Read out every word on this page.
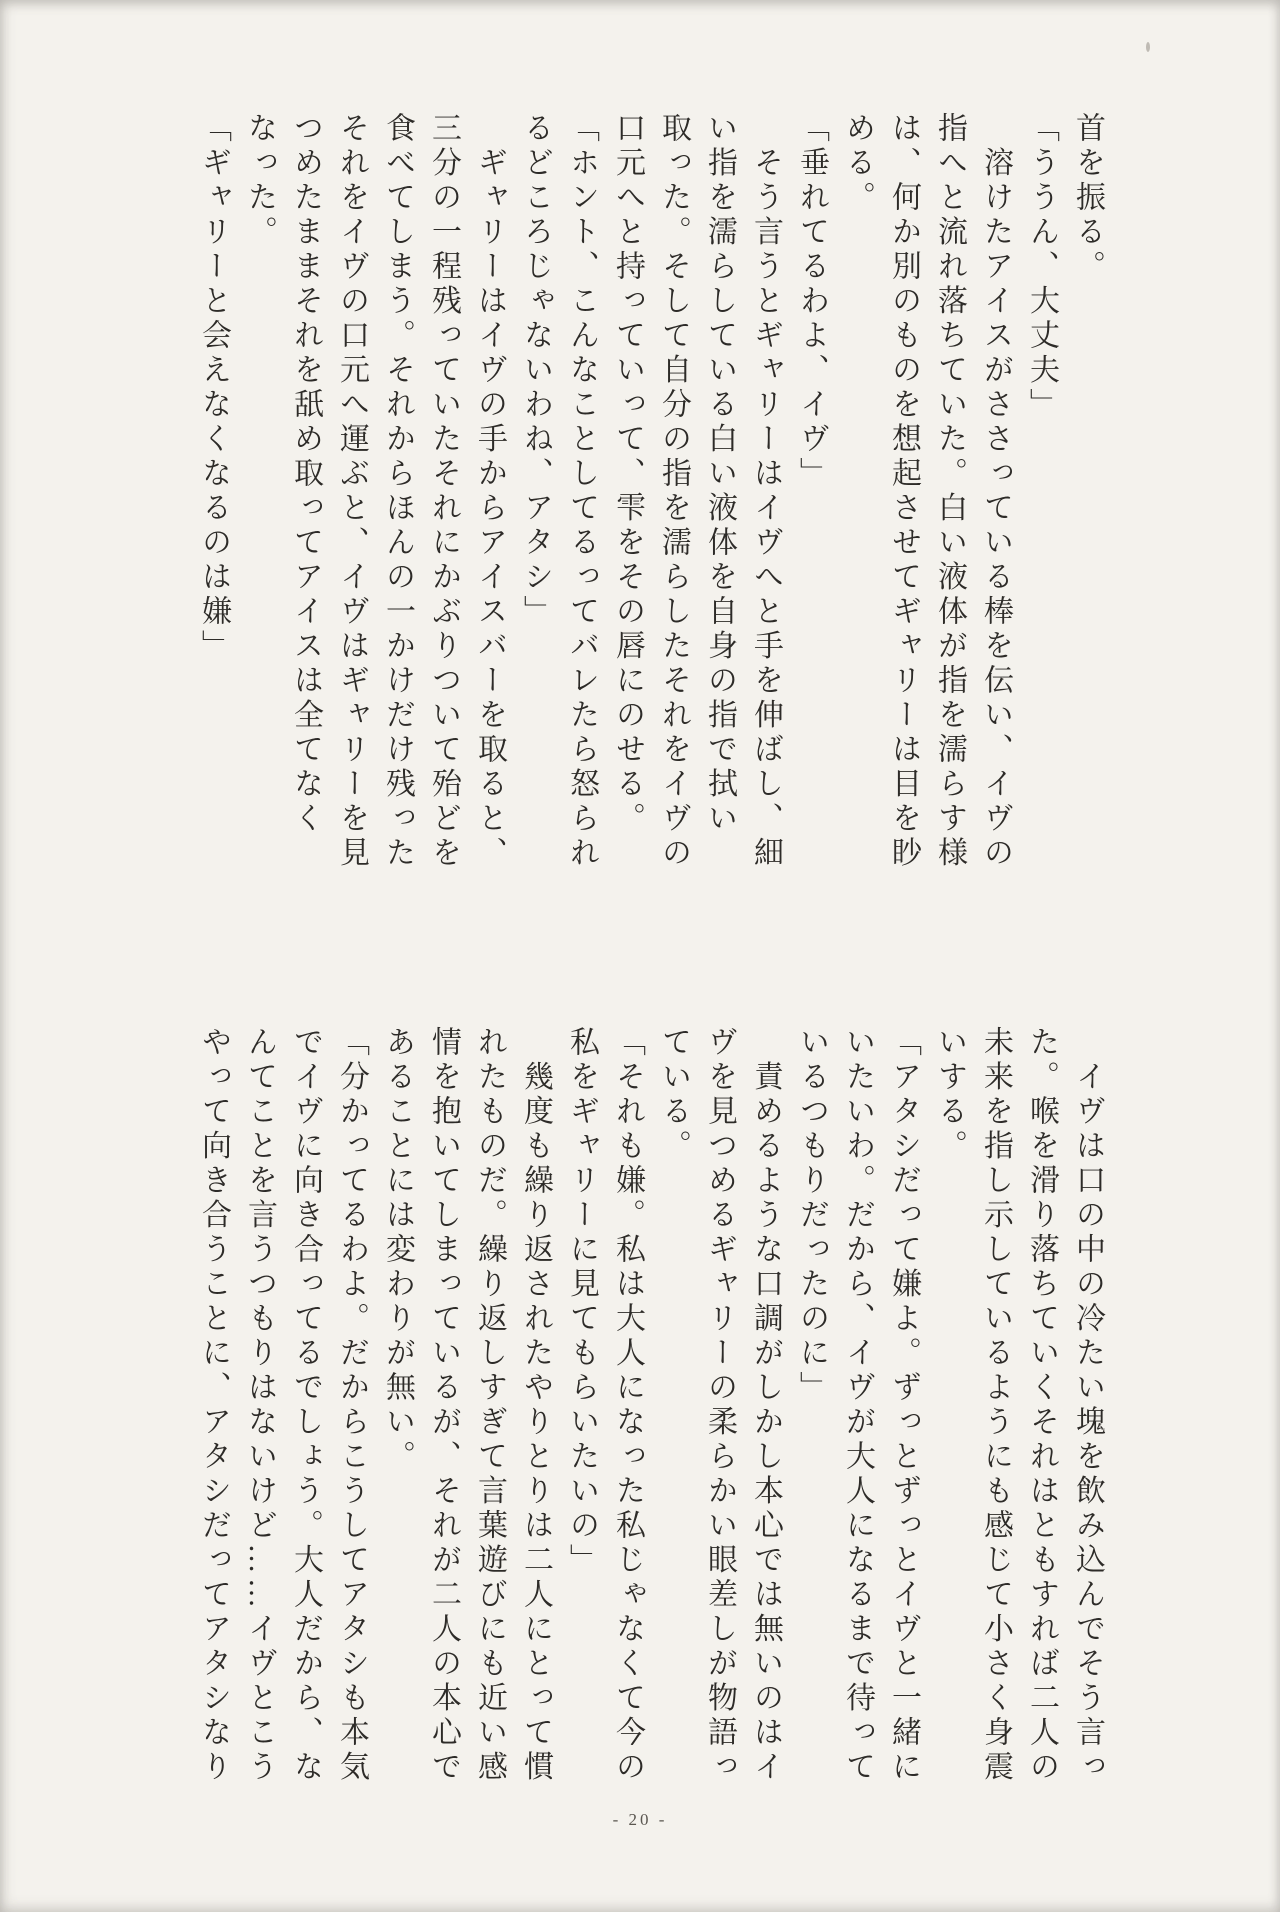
首を振る。
「ううん、大丈夫」
　溶けたアイスがささっている棒を伝い、イヴの
指へと流れ落ちていた。白い液体が指を濡らす様
は、何か別のものを想起させてギャリーは目を眇
める。
「垂れてるわよ、イヴ」
　そう言うとギャリーはイヴへと手を伸ばし、細
い指を濡らしている白い液体を自身の指で拭い
取った。そして自分の指を濡らしたそれをイヴの
口元へと持っていって、雫をその唇にのせる。
「ホント、こんなことしてるってバレたら怒られ
るどころじゃないわね、アタシ」
　ギャリーはイヴの手からアイスバーを取ると、
三分の一程残っていたそれにかぶりついて殆どを
食べてしまう。それからほんの一かけだけ残った
それをイヴの口元へ運ぶと、イヴはギャリーを見
つめたままそれを舐め取ってアイスは全てなく
なった。
「ギャリーと会えなくなるのは嫌」
　イヴは口の中の冷たい塊を飲み込んでそう言っ
た。喉を滑り落ちていくそれはともすれば二人の
未来を指し示しているようにも感じて小さく身震
いする。
「アタシだって嫌よ。ずっとずっとイヴと一緒に
いたいわ。だから、イヴが大人になるまで待って
いるつもりだったのに」
　責めるような口調がしかし本心では無いのはイ
ヴを見つめるギャリーの柔らかい眼差しが物語っ
ている。
「それも嫌。私は大人になった私じゃなくて今の
私をギャリーに見てもらいたいの」
　幾度も繰り返されたやりとりは二人にとって慣
れたものだ。繰り返しすぎて言葉遊びにも近い感
情を抱いてしまっているが、それが二人の本心で
あることには変わりが無い。
「分かってるわよ。だからこうしてアタシも本気
でイヴに向き合ってるでしょう。大人だから、な
んてことを言うつもりはないけど……イヴとこう
やって向き合うことに、アタシだってアタシなり
- 20 -
